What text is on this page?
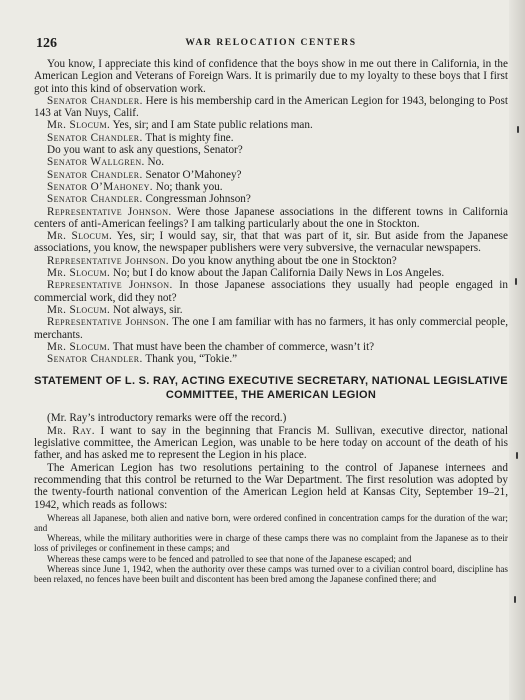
126	WAR RELOCATION CENTERS

You know, I appreciate this kind of confidence that the boys show in me out there in California, in the American Legion and Veterans of Foreign Wars. It is primarily due to my loyalty to these boys that I first got into this kind of observation work.

Senator Chandler. Here is his membership card in the American Legion for 1943, belonging to Post 143 at Van Nuys, Calif.

Mr. Slocum. Yes, sir; and I am State public relations man.

Senator Chandler. That is mighty fine.

Do you want to ask any questions, Senator?

Senator Wallgren. No.

Senator Chandler. Senator O’Mahoney?

Senator O’Mahoney. No; thank you.

Senator Chandler. Congressman Johnson?

Representative Johnson. Were those Japanese associations in the different towns in California centers of anti-American feelings? I am talking particularly about the one in Stockton.

Mr. Slocum. Yes, sir; I would say, sir, that that was part of it, sir. But aside from the Japanese associations, you know, the newspaper publishers were very subversive, the vernacular newspapers.

Representative Johnson. Do you know anything about tbe one in Stockton?

Mr. Slocum. No; but I do know about the Japan California Daily News in Los Angeles.

Representative Johnson. In those Japanese associations they usually had people engaged in commercial work, did they not?

Mr. Slocum. Not always, sir.

Representative Johnson. The one I am familiar with has no farmers, it has only commercial people, merchants.

Mr. Slocum. That must have been the chamber of commerce, wasn’t it?

Senator Chandler. Thank you, “Tokie.”

STATEMENT OF L. S. RAY, ACTING EXECUTIVE SECRETARY, NATIONAL LEGISLATIVE COMMITTEE, THE AMERICAN LEGION

(Mr. Ray’s introductory remarks were off the record.)

Mr. Ray. I want to say in the beginning that Francis M. Sullivan, executive director, national legislative committee, the American Legion, was unable to be here today on account of the death of his father, and has asked me to represent the Legion in his place.

The American Legion has two resolutions pertaining to the control of Japanese internees and recommending that this control be returned to the War Department. The first resolution was adopted by the twenty-fourth national convention of the American Legion held at Kansas City, September 19–21, 1942, which reads as follows:

Whereas all Japanese, both alien and native born, were ordered confined in concentration camps for the duration of the war; and

Whereas, while the military authorities were in charge of these camps there was no complaint from the Japanese as to their loss of privileges or confinement in these camps; and

Whereas these camps were to be fenced and patrolled to see that none of the Japanese escaped; and

Whereas since June 1, 1942, when the authority over these camps was turned over to a civilian control board, discipline has been relaxed, no fences have been built and discontent has been bred among the Japanese confined there; and
